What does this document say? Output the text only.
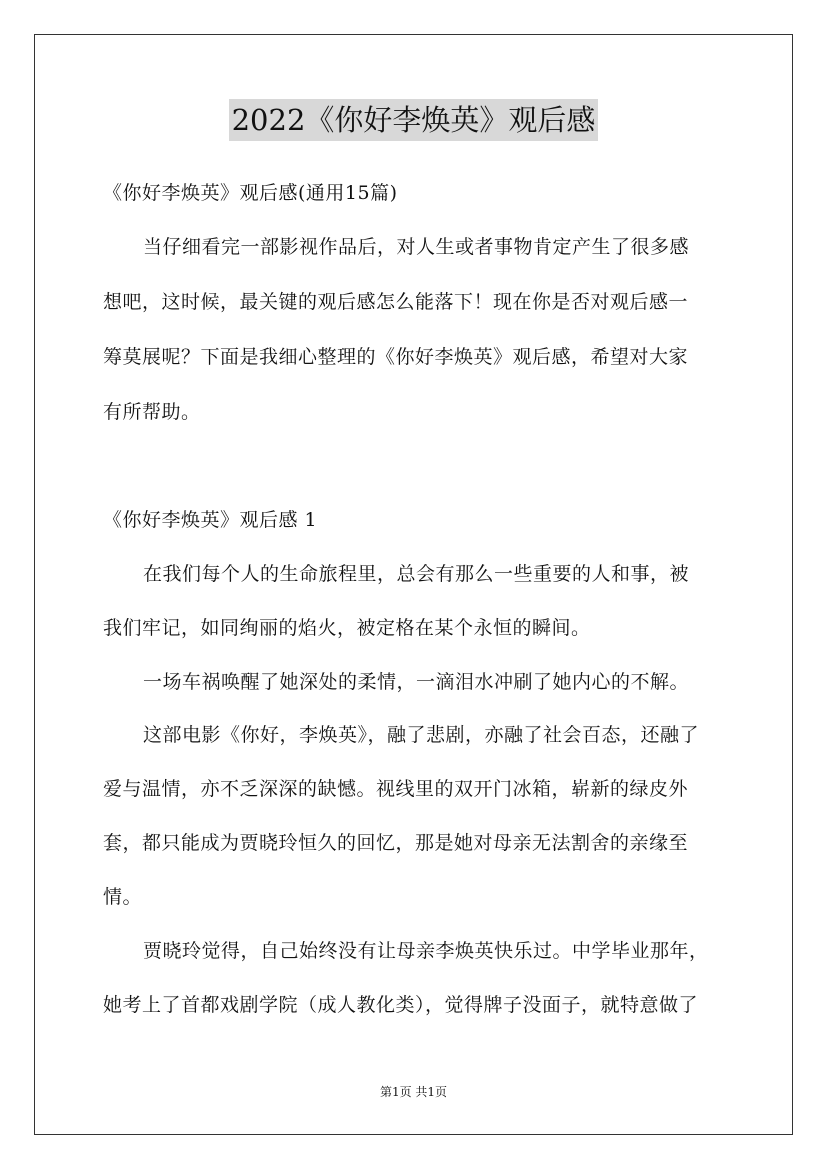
2022《你好李焕英》观后感
《你好李焕英》观后感(通用15篇)
当仔细看完一部影视作品后，对人生或者事物肯定产生了很多感
想吧，这时候，最关键的观后感怎么能落下！现在你是否对观后感一
筹莫展呢？下面是我细心整理的《你好李焕英》观后感，希望对大家
有所帮助。
《你好李焕英》观后感 1
在我们每个人的生命旅程里，总会有那么一些重要的人和事，被
我们牢记，如同绚丽的焰火，被定格在某个永恒的瞬间。
一场车祸唤醒了她深处的柔情，一滴泪水冲刷了她内心的不解。
这部电影《你好，李焕英》，融了悲剧，亦融了社会百态，还融了
爱与温情，亦不乏深深的缺憾。视线里的双开门冰箱，崭新的绿皮外
套，都只能成为贾晓玲恒久的回忆，那是她对母亲无法割舍的亲缘至
情。
贾晓玲觉得，自己始终没有让母亲李焕英快乐过。中学毕业那年，
她考上了首都戏剧学院（成人教化类），觉得牌子没面子，就特意做了
第1页 共1页
